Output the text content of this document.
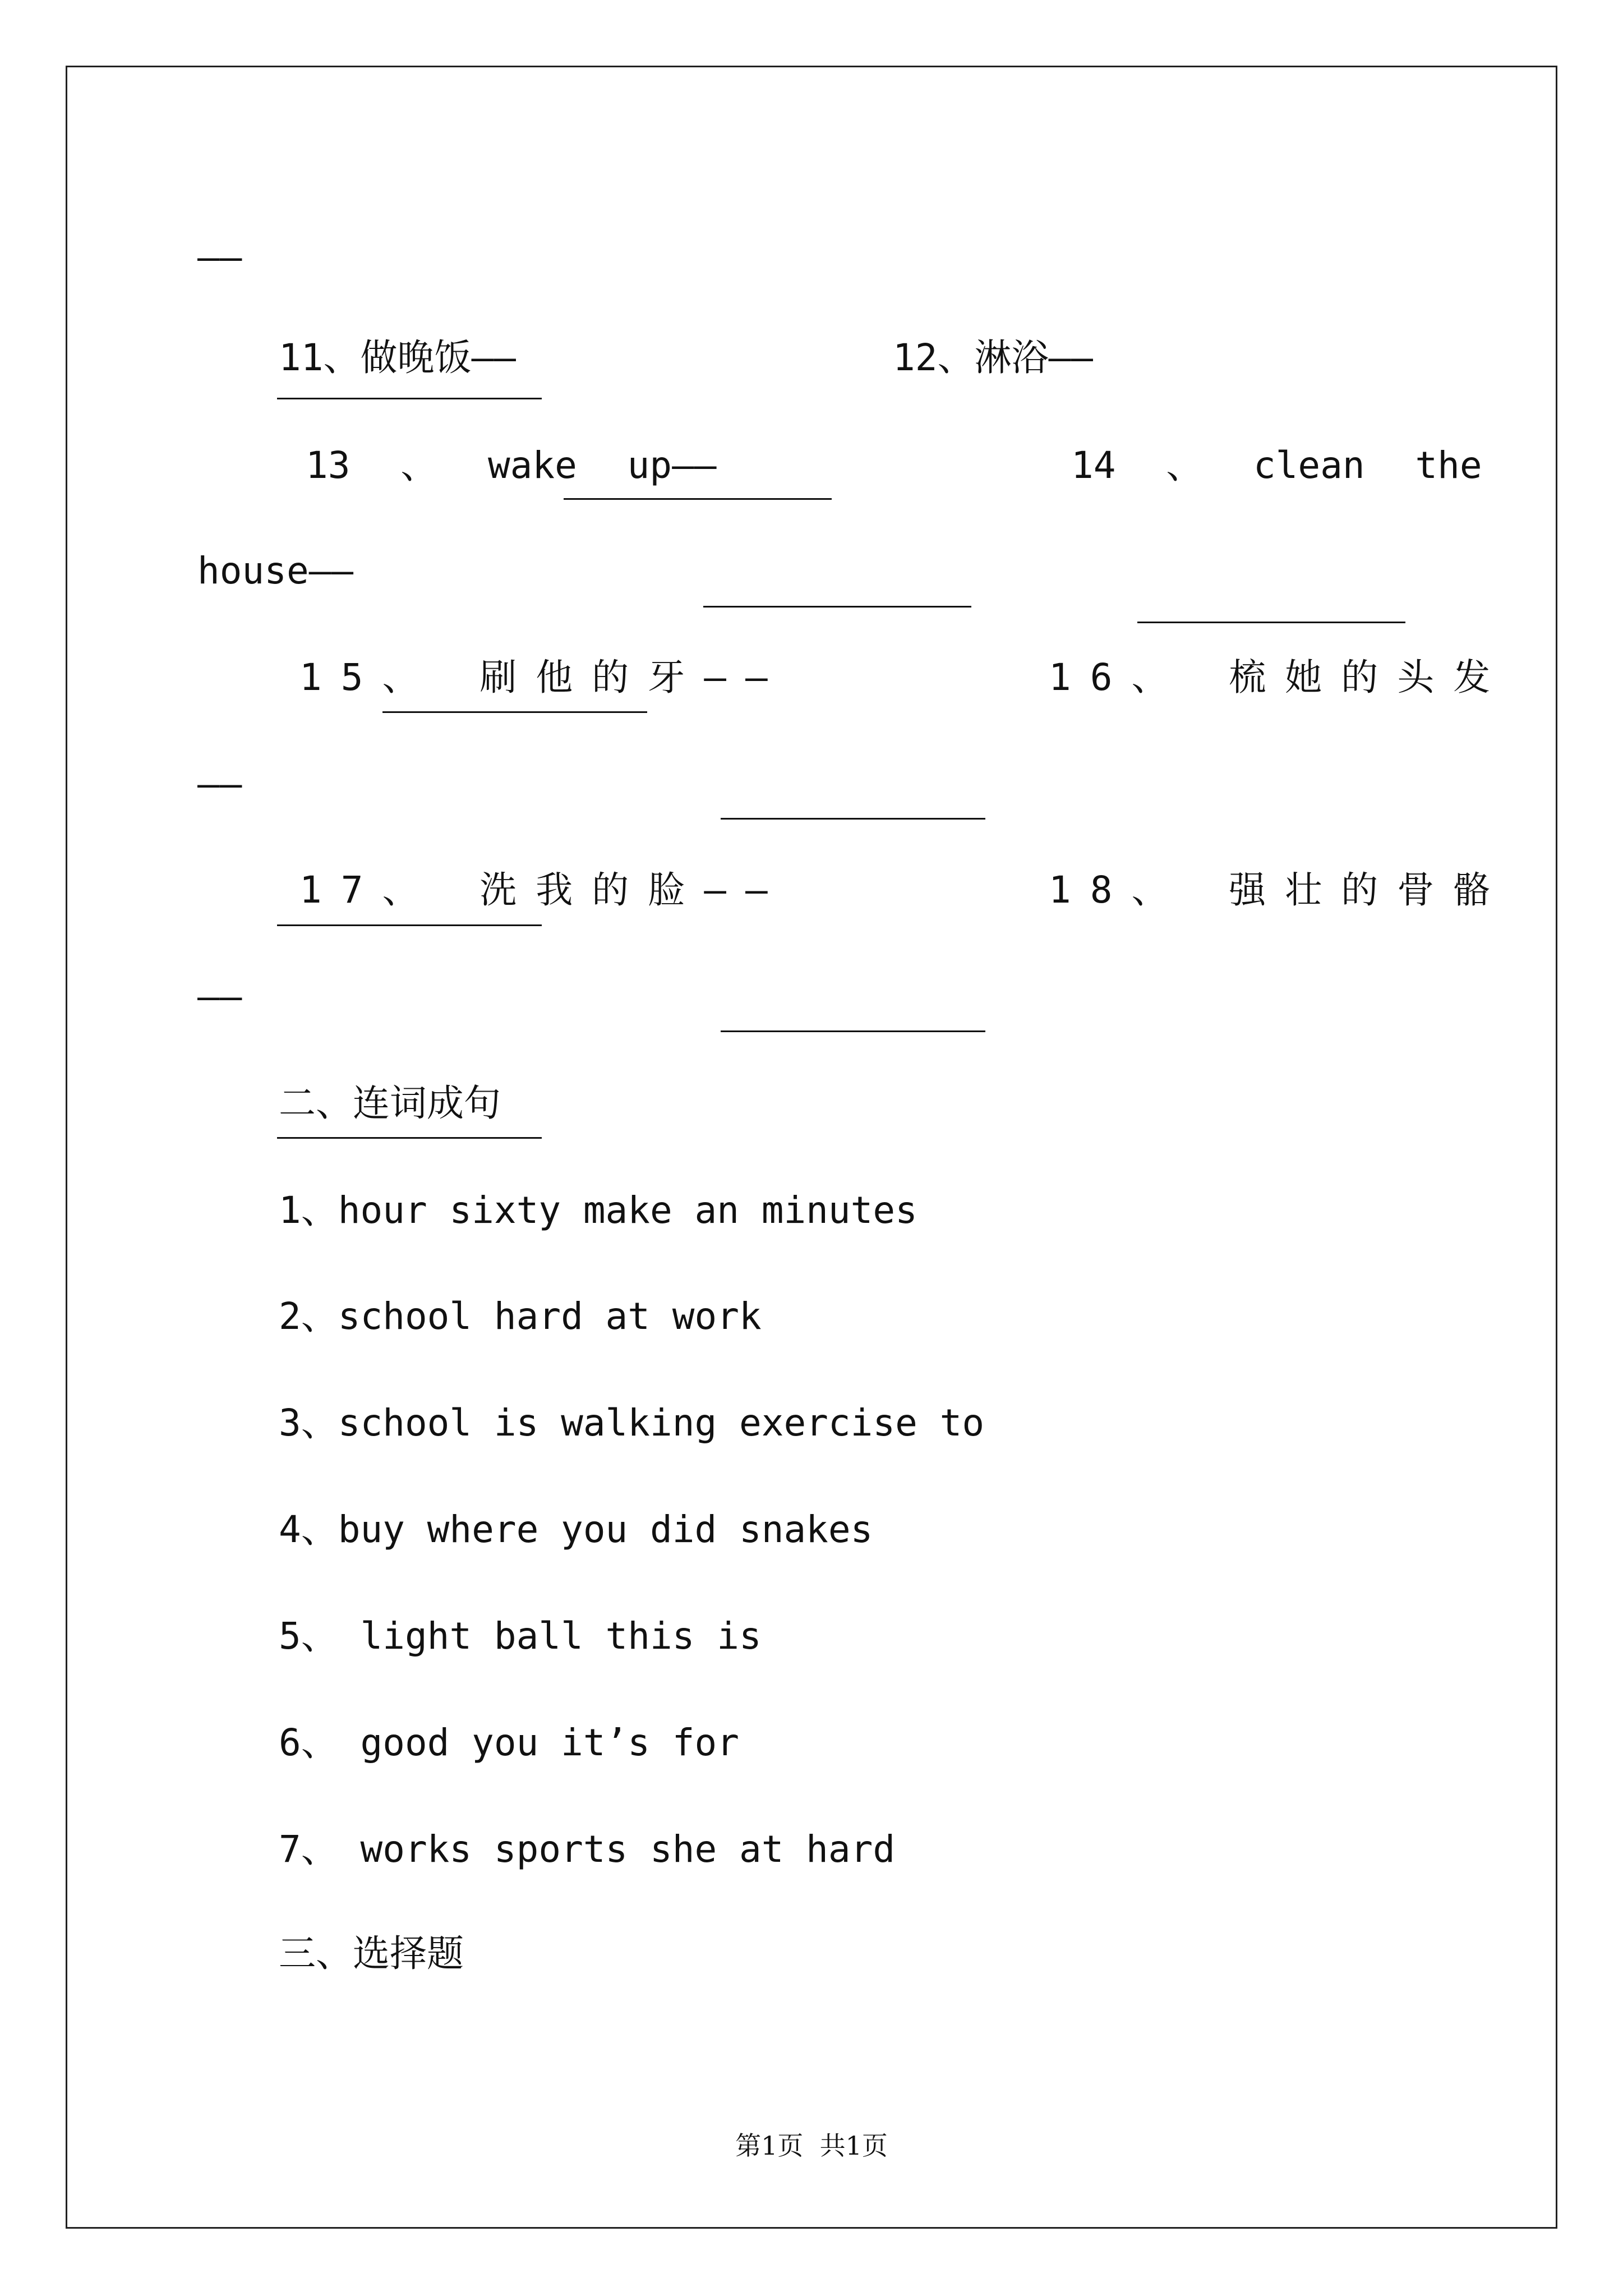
——

11、做晚饭——

	12、淋浴——

13 、 wake up——

	14 、 clean the

house——

15、 刷他的牙——

	16、 梳她的头发

——

17、 洗我的脸——

	18、 强壮的骨骼

——

二、连词成句

1、hour sixty make an minutes

2、school hard at work

3、school is walking exercise to

4、buy where you did snakes

5、 light ball this is

6、 good you it’s for

7、 works sports she at hard

三、选择题

第1页  共1页
